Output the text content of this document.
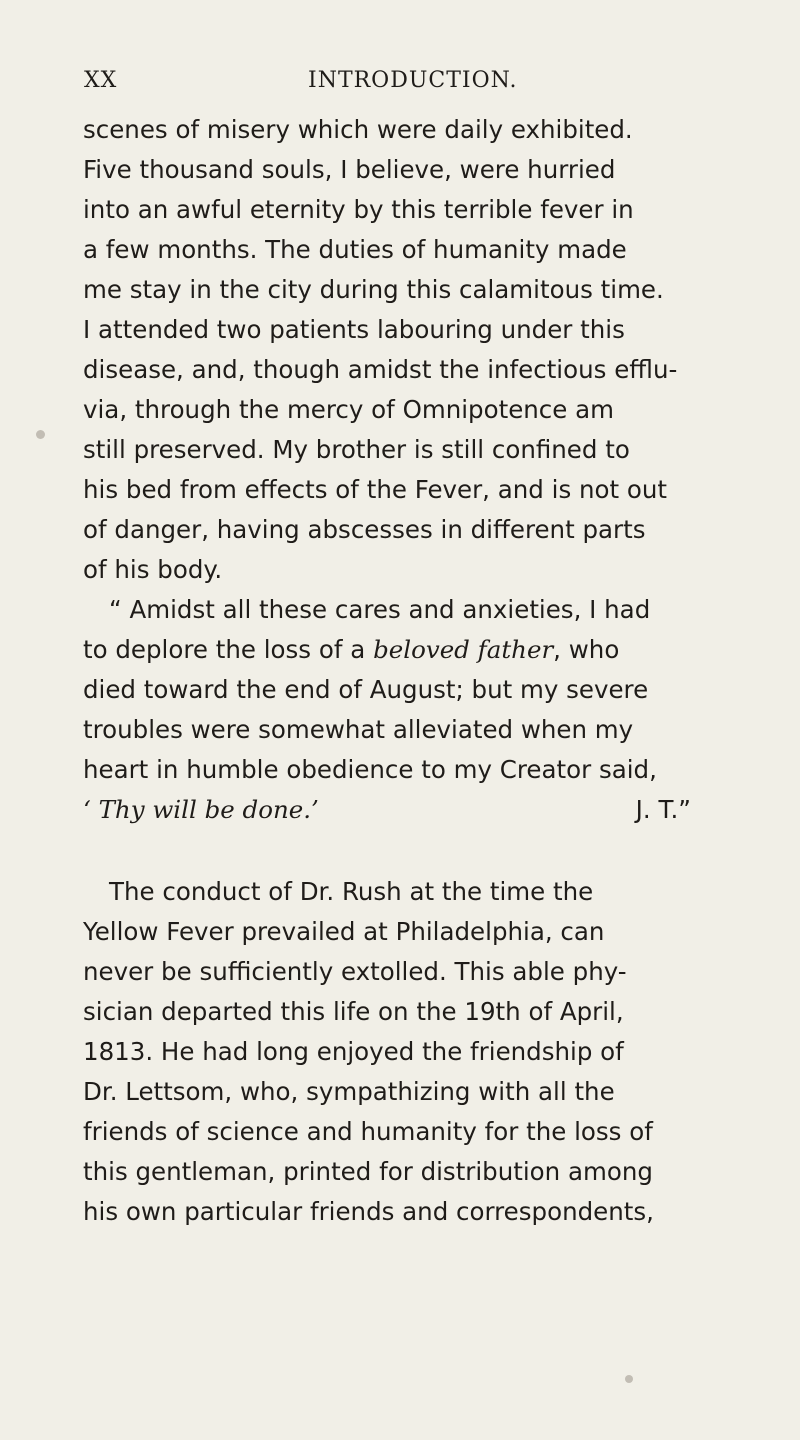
XX	INTRODUCTION.
scenes of misery which were daily exhibited.
Five thousand souls, I believe, were hurried
into an awful eternity by this terrible fever in
a few months. The duties of humanity made
me stay in the city during this calamitous time.
I attended two patients labouring under this
disease, and, though amidst the infectious efflu-
via, through the mercy of Omnipotence am
still preserved. My brother is still confined to
his bed from effects of the Fever, and is not out
of danger, having abscesses in different parts
of his body.
“ Amidst all these cares and anxieties, I had
to deplore the loss of a beloved father, who
died toward the end of August; but my severe
troubles were somewhat alleviated when my
heart in humble obedience to my Creator said,
‘ Thy will be done.’	J. T.”
The conduct of Dr. Rush at the time the
Yellow Fever prevailed at Philadelphia, can
never be sufficiently extolled. This able phy-
sician departed this life on the 19th of April,
1813. He had long enjoyed the friendship of
Dr. Lettsom, who, sympathizing with all the
friends of science and humanity for the loss of
this gentleman, printed for distribution among
his own particular friends and correspondents,
